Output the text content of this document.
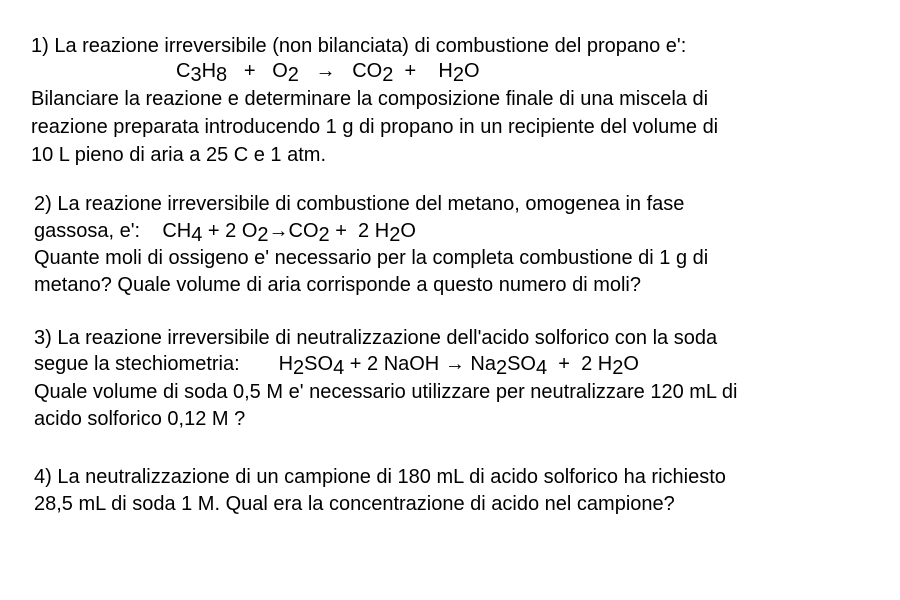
1) La reazione irreversibile (non bilanciata) di combustione del propano e':
C3H8 + O2 → CO2 + H2O
Bilanciare la reazione e determinare la composizione finale di una miscela di
reazione preparata introducendo 1 g di propano in un recipiente del volume di
10 L pieno di aria a 25 C e 1 atm.
2) La reazione irreversibile di combustione del metano, omogenea in fase
gassosa, e': CH4 + 2 O2→CO2 + 2 H2O
Quante moli di ossigeno e' necessario per la completa combustione di 1 g di
metano? Quale volume di aria corrisponde a questo numero di moli?
3) La reazione irreversibile di neutralizzazione dell'acido solforico con la soda
segue la stechiometria: H2SO4 + 2 NaOH → Na2SO4 + 2 H2O
Quale volume di soda 0,5 M e' necessario utilizzare per neutralizzare 120 mL di
acido solforico 0,12 M ?
4) La neutralizzazione di un campione di 180 mL di acido solforico ha richiesto
28,5 mL di soda 1 M. Qual era la concentrazione di acido nel campione?
